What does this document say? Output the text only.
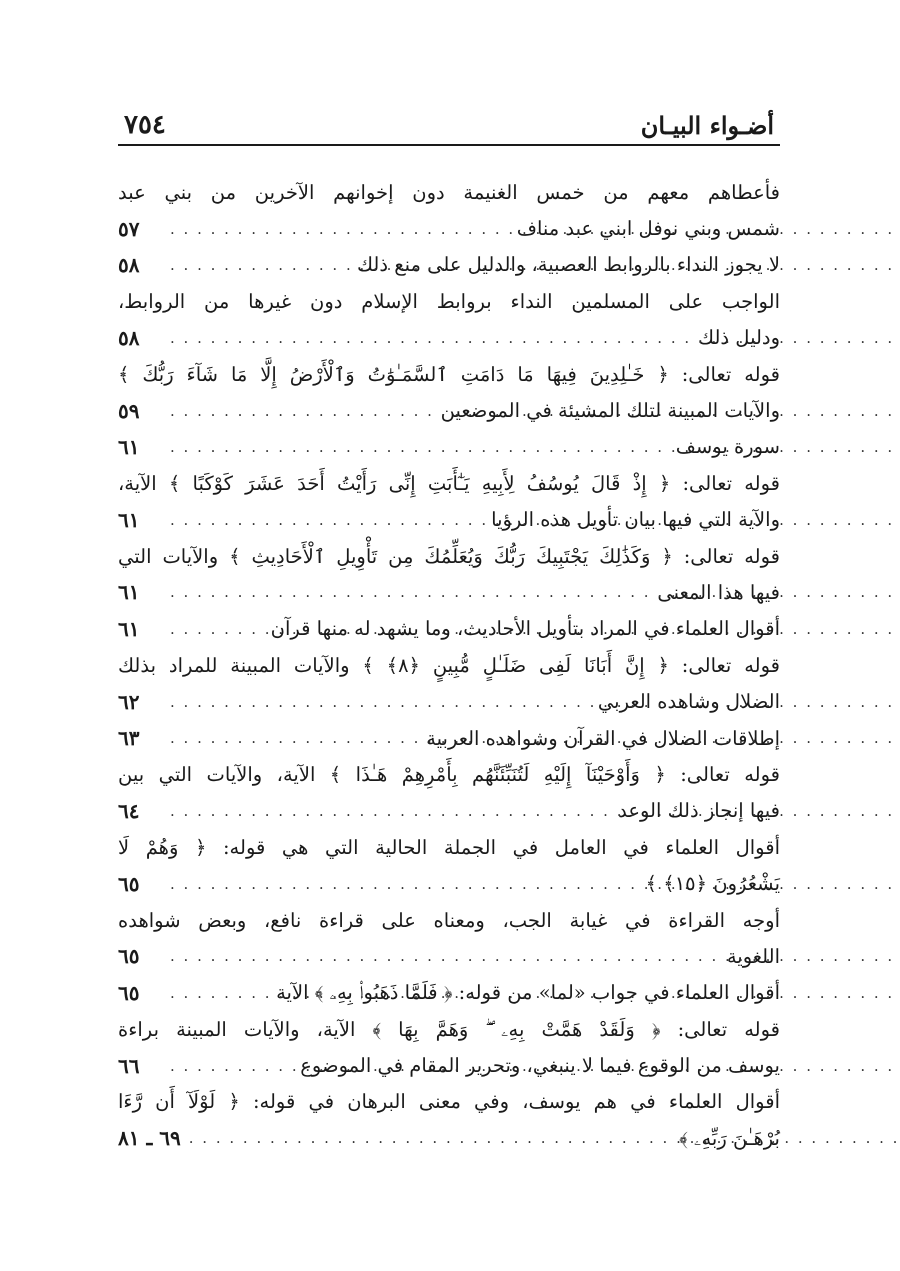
أضـواء البيـان
٧٥٤
فأعطاهم معهم من خمس الغنيمة دون إخوانهم الآخرين من بني عبد
شمس وبني نوفل ابني عبد مناف
. . .
٥٧
لا يجوز النداء بالروابط العصبية، والدليل على منع ذلك
. . .
٥٨
الواجب على المسلمين النداء بروابط الإسلام دون غيرها من الروابط،
ودليل ذلك
. . .
٥٨
قوله تعالى: ﴿ خَـٰلِدِينَ فِيهَا مَا دَامَتِ ٱلسَّمَـٰوَٰتُ وَٱلْأَرْضُ إِلَّا مَا شَآءَ رَبُّكَ ﴾
والآيات المبينة لتلك المشيئة في الموضعين
. . .
٥٩
سورة يوسف
. . .
٦١
قوله تعالى: ﴿ إِذْ قَالَ يُوسُفُ لِأَبِيهِ يَـٰٓأَبَتِ إِنِّى رَأَيْتُ أَحَدَ عَشَرَ كَوْكَبًا ﴾ الآية،
والآية التي فيها بيان تأويل هذه الرؤيا
. . .
٦١
قوله تعالى: ﴿ وَكَذَٰلِكَ يَجْتَبِيكَ رَبُّكَ وَيُعَلِّمُكَ مِن تَأْوِيلِ ٱلْأَحَادِيثِ ﴾ والآيات التي
فيها هذا المعنى
. . .
٦١
أقوال العلماء في المراد بتأويل الأحاديث، وما يشهد له منها قرآن
. . .
٦١
قوله تعالى: ﴿ إِنَّ أَبَانَا لَفِى ضَلَـٰلٍ مُّبِينٍ ﴿٨﴾ ﴾ والآيات المبينة للمراد بذلك
الضلال وشاهده العربي
. . .
٦٢
إطلاقات الضلال في القرآن وشواهده العربية
. . .
٦٣
قوله تعالى: ﴿ وَأَوْحَيْنَآ إِلَيْهِ لَتُنَبِّئَنَّهُم بِأَمْرِهِمْ هَـٰذَا ﴾ الآية، والآيات التي بين
فيها إنجاز ذلك الوعد
. . .
٦٤
أقوال العلماء في العامل في الجملة الحالية التي هي قوله: ﴿ وَهُمْ لَا
يَشْعُرُونَ ﴿١٥﴾ ﴾
. . .
٦٥
أوجه القراءة في غيابة الجب، ومعناه على قراءة نافع، وبعض شواهده
اللغوية
. . .
٦٥
أقوال العلماء في جواب «لما» من قوله: ﴿ فَلَمَّا ذَهَبُوا۟ بِهِۦ ﴾ الآية
. . .
٦٥
قوله تعالى: ﴿ وَلَقَدْ هَمَّتْ بِهِۦ ۖ وَهَمَّ بِهَا ﴾ الآية، والآيات المبينة براءة
يوسف من الوقوع فيما لا ينبغي، وتحرير المقام في الموضوع
. . .
٦٦
أقوال العلماء في هم يوسف، وفي معنى البرهان في قوله: ﴿ لَوْلَآ أَن رَّءَا
بُرْهَـٰنَ رَبِّهِۦ ﴾
. . .
٦٩ ـ ٨١
